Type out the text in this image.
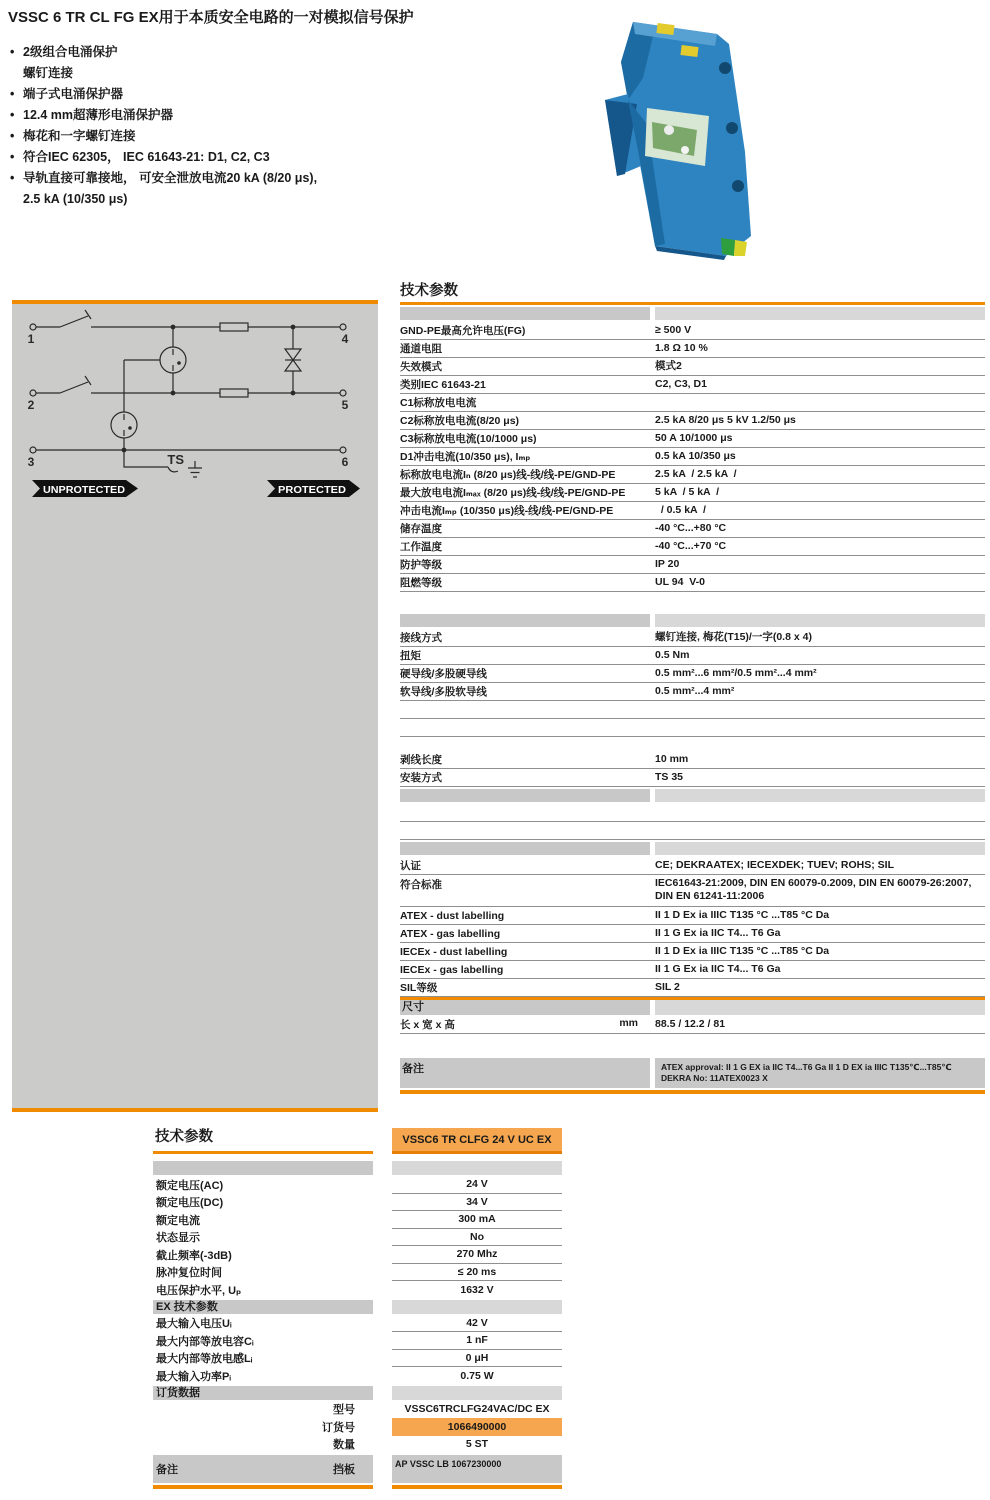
VSSC 6 TR CL FG EX用于本质安全电路的一对模拟信号保护
• 2级组合电涌保护
螺钉连接
• 端子式电涌保护器
• 12.4 mm超薄形电涌保护器
• 梅花和一字螺钉连接
• 符合IEC 62305， IEC 61643-21: D1, C2, C3
• 导轨直接可靠接地， 可安全泄放电流20 kA (8/20 μs),
2.5 kA (10/350 μs)
1
2
3
4
5
6
TS
UNPROTECTED	PROTECTED
技术参数
GND-PE最高允许电压(FG)	≥ 500 V
通道电阻	1.8 Ω 10 %
失效模式	模式2
类别IEC 61643-21	C2, C3, D1
C1标称放电电流
C2标称放电电流(8/20 μs)	2.5 kA 8/20 μs 5 kV 1.2/50 μs
C3标称放电电流(10/1000 μs)	50 A 10/1000 μs
D1冲击电流(10/350 μs), Iₘₚ	0.5 kA 10/350 μs
标称放电电流Iₙ (8/20 μs)线-线/线-PE/GND-PE	2.5 kA  / 2.5 kA  /
最大放电电流Iₘₐₓ (8/20 μs)线-线/线-PE/GND-PE	5 kA  / 5 kA  /
冲击电流Iₘₚ (10/350 μs)线-线/线-PE/GND-PE	/ 0.5 kA  /
储存温度	-40 °C...+80 °C
工作温度	-40 °C...+70 °C
防护等级	IP 20
阻燃等级	UL 94  V-0
接线方式	螺钉连接, 梅花(T15)/一字(0.8 x 4)
扭矩	0.5 Nm
硬导线/多股硬导线	0.5 mm²...6 mm²/0.5 mm²...4 mm²
软导线/多股软导线	0.5 mm²...4 mm²
剥线长度	10 mm
安装方式	TS 35
认证	CE; DEKRAATEX; IECEXDEK; TUEV; ROHS; SIL
符合标准	IEC61643-21:2009, DIN EN 60079-0.2009, DIN EN 60079-26:2007, DIN EN 61241-11:2006
ATEX - dust labelling	II 1 D Ex ia IIIC T135 °C ...T85 °C Da
ATEX - gas labelling	II 1 G Ex ia IIC T4... T6 Ga
IECEx - dust labelling	II 1 D Ex ia IIIC T135 °C ...T85 °C Da
IECEx - gas labelling	II 1 G Ex ia IIC T4... T6 Ga
SIL等级	SIL 2
尺寸
长 x 宽 x 高	mm	88.5 / 12.2 / 81
备注	ATEX approval: II 1 G EX ia IIC T4...T6 Ga II 1 D EX ia IIIC T135℃...T85℃
DEKRA No: 11ATEX0023 X
技术参数	VSSC6 TR CLFG 24 V UC EX
额定电压(AC)	24 V
额定电压(DC)	34 V
额定电流	300 mA
状态显示	No
截止频率(-3dB)	270 Mhz
脉冲复位时间	≤ 20 ms
电压保护水平, Uₚ	1632 V
EX 技术参数
最大输入电压Uᵢ	42 V
最大内部等放电容Cᵢ	1 nF
最大内部等放电感Lᵢ	0 μH
最大输入功率Pᵢ	0.75 W
订货数据
型号	VSSC6TRCLFG24VAC/DC EX
订货号	1066490000
数量	5 ST
备注	挡板	AP VSSC LB 1067230000
